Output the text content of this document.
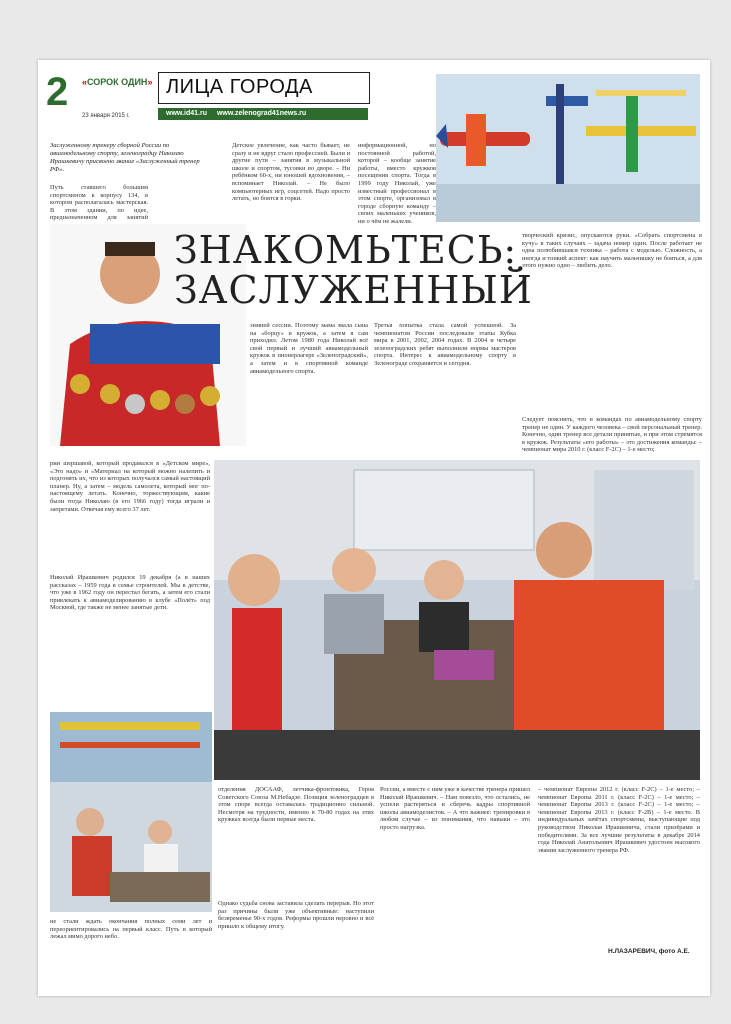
2 «СОРОК ОДИН» ЛИЦА ГОРОДА
23 января 2015 г.	www.id41.ru www.zelenograd41news.ru
Заслуженному тренеру сборной России по авиамодельному спорту, зеленоградцу Николаю Ирашкевичу присвоено звание «Заслуженный тренер РФ».
Путь ставшего большим спортсменом к корпусу 134, в котором располагалась мастерская. В этом здании, по идее, предназначенном для занятий
Детское увлечение, как часто бывает, не сразу и не вдруг стало профессией. Были и другие пути – занятия в музыкальной школе и спортом, тусовки во дворе. – Ни ребёнком 60-х, ни юношей вдохновения, – вспоминает Николай. – Не было компьютерных игр, соцсетей. Надо просто летать, но боятся в горки.
информационной, но постоянной работой, которой – кообще занятие работы, вместо кружков посещения спорта. Тогда в 1999 году Николай, уже известный профессионал в этом спорте, организовал в городе сборную команду – своих маленьких учеников, ни о чём не жалели.
творческий кризис, опускаются руки. «Собрать спортсмена в кучу» в таких случаях – задача номер один. После работает не одна полюбившаяся техника – работа с моделью. Сложность, а иногда и тонкий аспект: как научить мальчишку не бояться, а для этого нужно одно – любить дело.
ЗНАКОМЬТЕСЬ:
ЗАСЛУЖЕННЫЙ
зимней сессии. Поэтому мама звала сына на «борцу» в кружок, а затем я сам приходил. Летом 1980 года Николай всё свой первый и лучший авиамодельный кружок в пионерлагере «Зеленоградский», а затем и в спортивной команде авиамодельного спорта.
Третья попытка стала самой успешной. За чемпионатом России последовали этапы Кубка мира в 2001, 2002, 2004 годах. В 2004 и четыре зеленоградских ребят выполнили нормы мастеров спорта. Интерес к авиамодельному спорту в Зеленограде сохраняется и сегодня.
рии шершавой, который продавался в «Детском мире», «Это надо» и «Материал на который можно налепить и подгонять их, что из которых получался самый настоящий планер. Ну, а затем – модель самолета, который мог по-настоящему летать. Конечно, торжествующим, какие были тогда Николаю (в его 1966 году) тогда играли и запретами. Отвечая ему всего 37 лет.
Николай Ирашкевич родился 19 декабря (а в наших рассказах – 1959 года в семье строителей. Мы в детстве, что уже в 1962 году он перестал бегать, а затем его стали привлекать к авиамоделированию в клубе «Полёт» под Москвой, где также не менее занятые дети.
не стали ждать окончания полных семи лет и переориентировались на первый класс. Путь в который лежал мимо дорого небо.
отделения ДОСААФ, летчика-фронтовика, Героя Советского Союза М.Небадзе. Позиция зеленоградцев в этом споре всегда оставалась традиционно сильной. Несмотря на трудности, именно в 70-80 годах на этих кружках всегда были первые места.
Однако судьба снова заставила сделать перерыв. Но этот раз причины были уже объективные: наступили безвременье 90-х годов. Реформы прошли неровно и всё пришло к общему итогу.
России, а вместе с ним уже в качестве тренера пришел Николай Ирашкевич. – Нам повезло, что остались, не успели растеряться и сберечь кадры спортивной школы авиамоделистов. – А что важнее: тренировки в любом случае – из понимания, что навыки – это просто нагрузка.
– чемпионат Европы 2012 г. (класс F-2C) – 1-е место; – чемпионат Европы 2011 г. (класс F-2C) – 1-е место; – чемпионат Европы 2013 г. (класс F-2C) – 1-е место; – чемпионат Европы 2013 г. (класс F-2B) – 1-е место. В индивидуальных зачётах спортсмены, выступающие под руководством Николая Ирашкевича, стали призёрами и победителями. За все лучшие результаты в декабре 2014 года Николай Анатольевич Ирашкевич удостоен высокого звания заслуженного тренера РФ.
Следует пояснить, что в командах по авиамодельному спорту тренер не один. У каждого человека – свой персональный тренер. Конечно, один тренер все детали принятые, и при этом стремятся в кружок. Результаты «его работы» – это достижения команды: – чемпионат мира 2010 г. (класс F-2C) – 1-е место;
Н.ЛАЗАРЕВИЧ, фото А.Е.
